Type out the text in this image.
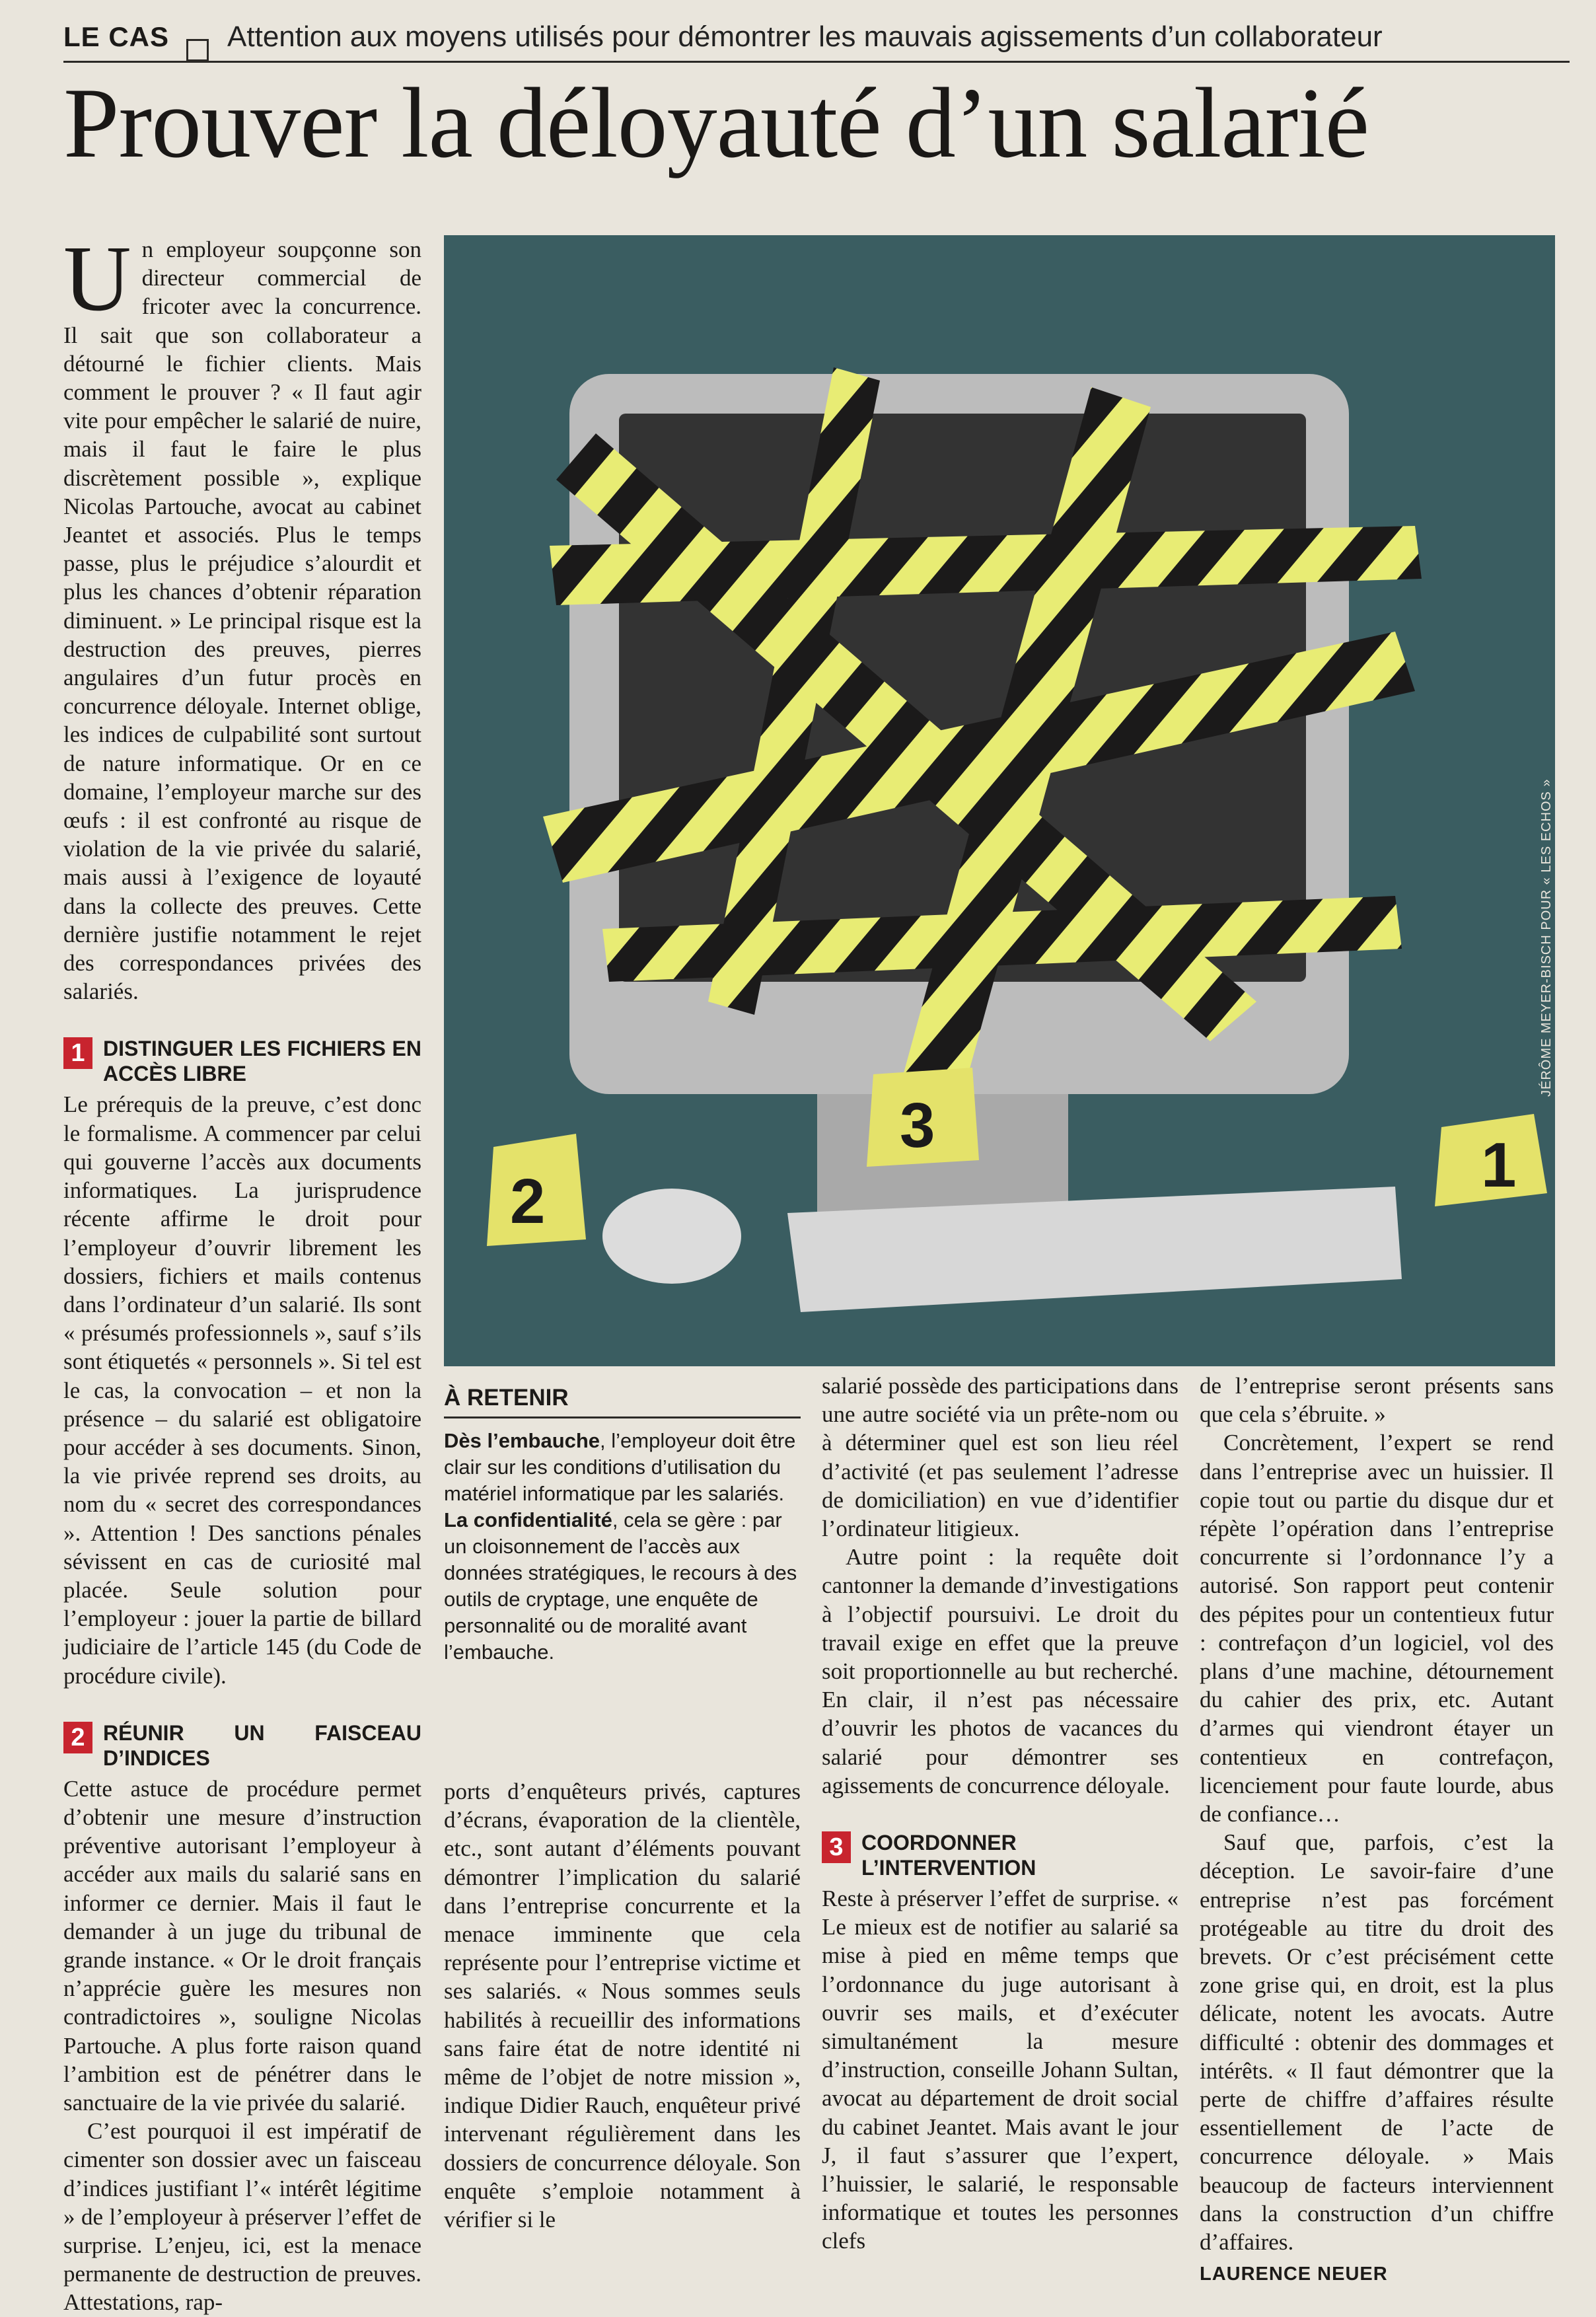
LE CAS Attention aux moyens utilisés pour démontrer les mauvais agissements d’un collaborateur
Prouver la déloyauté d’un salarié

Un employeur soupçonne son directeur commercial de fricoter avec la concurrence. Il sait que son collaborateur a détourné le fichier clients. Mais comment le prouver ? « Il faut agir vite pour empêcher le salarié de nuire, mais il faut le faire le plus discrètement possible », explique Nicolas Partouche, avocat au cabinet Jeantet et associés. Plus le temps passe, plus le préjudice s’alourdit et plus les chances d’obtenir réparation diminuent. » Le principal risque est la destruction des preuves, pierres angulaires d’un futur procès en concurrence déloyale. Internet oblige, les indices de culpabilité sont surtout de nature informatique. Or en ce domaine, l’employeur marche sur des œufs : il est confronté au risque de violation de la vie privée du salarié, mais aussi à l’exigence de loyauté dans la collecte des preuves. Cette dernière justifie notamment le rejet des correspondances privées des salariés.

1 DISTINGUER LES FICHIERS EN ACCÈS LIBRE

Le prérequis de la preuve, c’est donc le formalisme. A commencer par celui qui gouverne l’accès aux documents informatiques. La jurisprudence récente affirme le droit pour l’employeur d’ouvrir librement les dossiers, fichiers et mails contenus dans l’ordinateur d’un salarié. Ils sont « présumés professionnels », sauf s’ils sont étiquetés « personnels ». Si tel est le cas, la convocation – et non la présence – du salarié est obligatoire pour accéder à ses documents. Sinon, la vie privée reprend ses droits, au nom du « secret des correspondances ». Attention ! Des sanctions pénales sévissent en cas de curiosité mal placée. Seule solution pour l’employeur : jouer la partie de billard judiciaire de l’article 145 (du Code de procédure civile).

2 RÉUNIR UN FAISCEAU D’INDICES

Cette astuce de procédure permet d’obtenir une mesure d’instruction préventive autorisant l’employeur à accéder aux mails du salarié sans en informer ce dernier. Mais il faut le demander à un juge du tribunal de grande instance. « Or le droit français n’apprécie guère les mesures non contradictoires », souligne Nicolas Partouche. A plus forte raison quand l’ambition est de pénétrer dans le sanctuaire de la vie privée du salarié.

C’est pourquoi il est impératif de cimenter son dossier avec un faisceau d’indices justifiant l’« intérêt légitime » de l’employeur à préserver l’effet de surprise. L’enjeu, ici, est la menace permanente de destruction de preuves. Attestations, rap-

1
2
3
JÉRÔME MEYER-BISCH POUR « LES ECHOS »
À RETENIR
Dès l’embauche, l’employeur doit être clair sur les conditions d’utilisation du matériel informatique par les salariés.
La confidentialité, cela se gère : par un cloisonnement de l’accès aux données stratégiques, le recours à des outils de cryptage, une enquête de personnalité ou de moralité avant l’embauche.

ports d’enquêteurs privés, captures d’écrans, évaporation de la clientèle, etc., sont autant d’éléments pouvant démontrer l’implication du salarié dans l’entreprise concurrente et la menace imminente que cela représente pour l’entreprise victime et ses salariés. « Nous sommes seuls habilités à recueillir des informations sans faire état de notre identité ni même de l’objet de notre mission », indique Didier Rauch, enquêteur privé intervenant régulièrement dans les dossiers de concurrence déloyale. Son enquête s’emploie notamment à vérifier si le

salarié possède des participations dans une autre société via un prête-nom ou à déterminer quel est son lieu réel d’activité (et pas seulement l’adresse de domiciliation) en vue d’identifier l’ordinateur litigieux.

Autre point : la requête doit cantonner la demande d’investigations à l’objectif poursuivi. Le droit du travail exige en effet que la preuve soit proportionnelle au but recherché. En clair, il n’est pas nécessaire d’ouvrir les photos de vacances du salarié pour démontrer ses agissements de concurrence déloyale.

3 COORDONNER L’INTERVENTION

Reste à préserver l’effet de surprise. « Le mieux est de notifier au salarié sa mise à pied en même temps que l’ordonnance du juge autorisant à ouvrir ses mails, et d’exécuter simultanément la mesure d’instruction, conseille Johann Sultan, avocat au département de droit social du cabinet Jeantet. Mais avant le jour J, il faut s’assurer que l’expert, l’huissier, le salarié, le responsable informatique et toutes les personnes clefs

de l’entreprise seront présents sans que cela s’ébruite. »

Concrètement, l’expert se rend dans l’entreprise avec un huissier. Il copie tout ou partie du disque dur et répète l’opération dans l’entreprise concurrente si l’ordonnance l’y a autorisé. Son rapport peut contenir des pépites pour un contentieux futur : contrefaçon d’un logiciel, vol des plans d’une machine, détournement du cahier des prix, etc. Autant d’armes qui viendront étayer un contentieux en contrefaçon, licenciement pour faute lourde, abus de confiance…

Sauf que, parfois, c’est la déception. Le savoir-faire d’une entreprise n’est pas forcément protégeable au titre du droit des brevets. Or c’est précisément cette zone grise qui, en droit, est la plus délicate, notent les avocats. Autre difficulté : obtenir des dommages et intérêts. « Il faut démontrer que la perte de chiffre d’affaires résulte essentiellement de l’acte de concurrence déloyale. » Mais beaucoup de facteurs interviennent dans la construction d’un chiffre d’affaires.

LAURENCE NEUER
